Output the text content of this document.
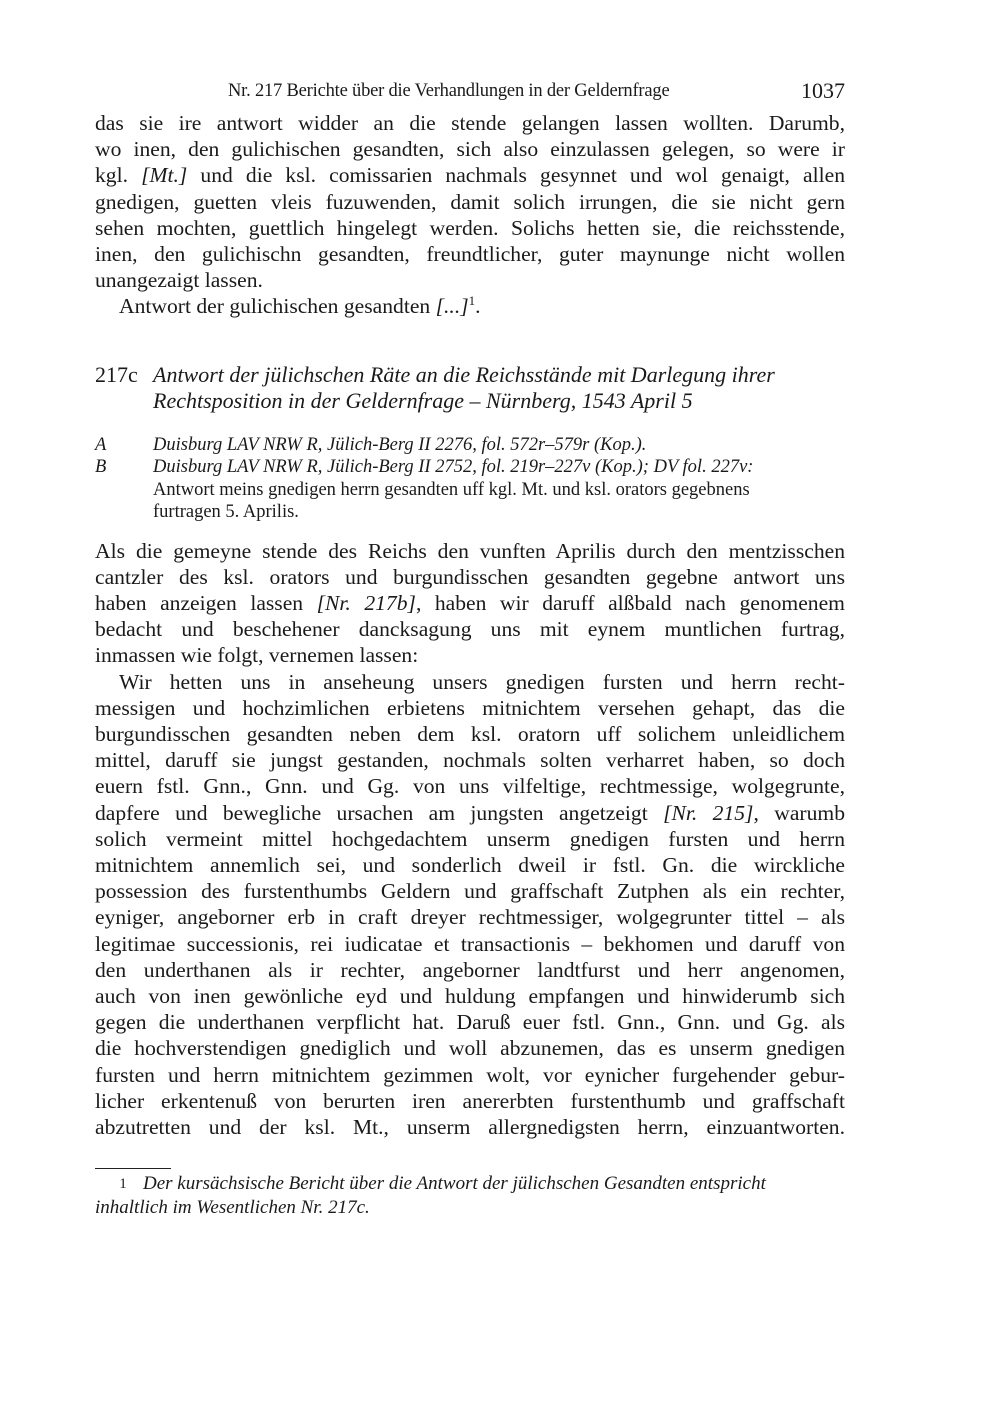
Nr. 217 Berichte über die Verhandlungen in der Geldernfrage	1037

das sie ire antwort widder an die stende gelangen lassen wollten. Darumb,
wo inen, den gulichischen gesandten, sich also einzulassen gelegen, so were ir
kgl. [Mt.] und die ksl. comissarien nachmals gesynnet und wol genaigt, allen
gnedigen, guetten vleis fuzuwenden, damit solich irrungen, die sie nicht gern
sehen mochten, guettlich hingelegt werden. Solichs hetten sie, die reichsstende,
inen, den gulichischn gesandten, freundtlicher, guter maynunge nicht wollen
unangezaigt lassen.

Antwort der gulichischen gesandten [...]$^1$.

217c Antwort der jülichschen Räte an die Reichsstände mit Darlegung ihrer
Rechtsposition in der Geldernfrage – Nürnberg, 1543 April 5
A	Duisburg LAV NRW R, Jülich-Berg II 2276, fol. 572r–579r (Kop.).
B	Duisburg LAV NRW R, Jülich-Berg II 2752, fol. 219r–227v (Kop.); DV fol. 227v:
Antwort meins gnedigen herrn gesandten uff kgl. Mt. und ksl. orators gegebnens
furtragen 5. Aprilis.

Als die gemeyne stende des Reichs den vunften Aprilis durch den mentzisschen
cantzler des ksl. orators und burgundisschen gesandten gegebne antwort uns
haben anzeigen lassen [Nr. 217b], haben wir daruff alßbald nach genomenem
bedacht und beschehener dancksagung uns mit eynem muntlichen furtrag,
inmassen wie folgt, vernemen lassen:

Wir hetten uns in anseheung unsers gnedigen fursten und herrn recht-
messigen und hochzimlichen erbietens mitnichtem versehen gehapt, das die
burgundisschen gesandten neben dem ksl. oratorn uff solichem unleidlichem
mittel, daruff sie jungst gestanden, nochmals solten verharret haben, so doch
euern fstl. Gnn., Gnn. und Gg. von uns vilfeltige, rechtmessige, wolgegrunte,
dapfere und bewegliche ursachen am jungsten angetzeigt [Nr. 215], warumb
solich vermeint mittel hochgedachtem unserm gnedigen fursten und herrn
mitnichtem annemlich sei, und sonderlich dweil ir fstl. Gn. die wirckliche
possession des furstenthumbs Geldern und graffschaft Zutphen als ein rechter,
eyniger, angeborner erb in craft dreyer rechtmessiger, wolgegrunter tittel – als
legitimae successionis, rei iudicatae et transactionis – bekhomen und daruff von
den underthanen als ir rechter, angeborner landtfurst und herr angenomen,
auch von inen gewönliche eyd und huldung empfangen und hinwiderumb sich
gegen die underthanen verpflicht hat. Daruß euer fstl. Gnn., Gnn. und Gg. als
die hochverstendigen gnediglich und woll abzunemen, das es unserm gnedigen
fursten und herrn mitnichtem gezimmen wolt, vor eynicher furgehender gebur-
licher erkentenuß von berurten iren anererbten furstenthumb und graffschaft
abzutretten und der ksl. Mt., unserm allergnedigsten herrn, einzuantworten.

1 Der kursächsische Bericht über die Antwort der jülichschen Gesandten entspricht
inhaltlich im Wesentlichen Nr. 217c.
